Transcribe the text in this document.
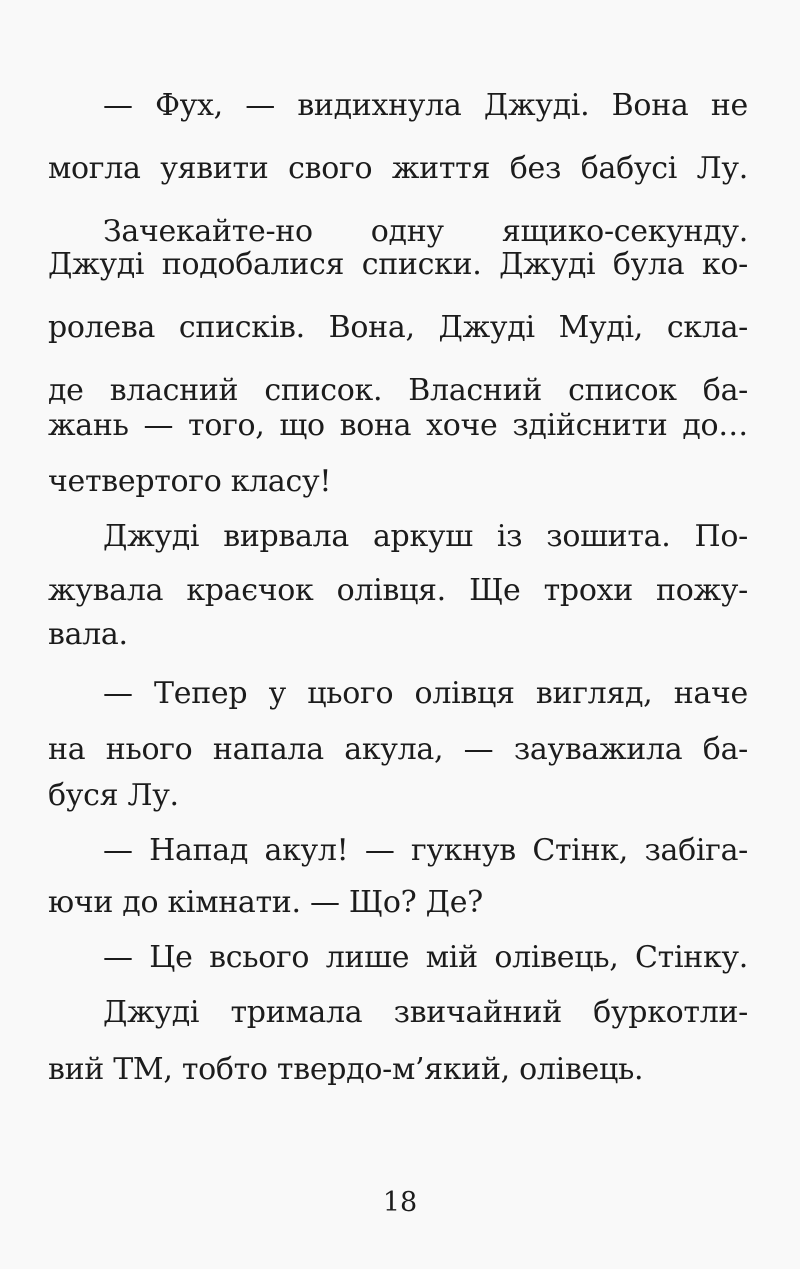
— Фух, — видихнула Джуді. Вона не
могла уявити свого життя без бабусі Лу.
Зачекайте-но одну ящико-секунду.
Джуді подобалися списки. Джуді була ко-
ролева списків. Вона, Джуді Муді, скла-
де власний список. Власний список ба-
жань — того, що вона хоче здійснити до…
четвертого класу!
Джуді вирвала аркуш із зошита. По-
жувала краєчок олівця. Ще трохи пожу-
вала.
— Тепер у цього олівця вигляд, наче
на нього напала акула, — зауважила ба-
буся Лу.
— Напад акул! — гукнув Стінк, забіга-
ючи до кімнати. — Що? Де?
— Це всього лише мій олівець, Стінку.
Джуді тримала звичайний буркотли-
вий ТМ, тобто твердо-м’який, олівець.
18
